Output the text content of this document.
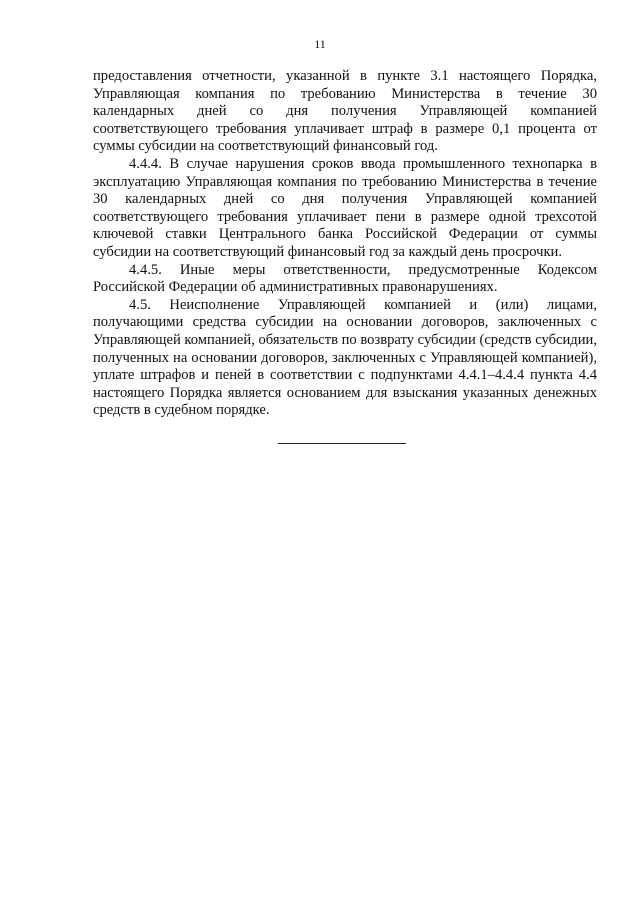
11

предоставления отчетности, указанной в пункте 3.1 настоящего Порядка, Управляющая компания по требованию Министерства в течение 30 календарных дней со дня получения Управляющей компанией соответствующего требования уплачивает штраф в размере 0,1 процента от суммы субсидии на соответствующий финансовый год.

4.4.4. В случае нарушения сроков ввода промышленного технопарка в эксплуатацию Управляющая компания по требованию Министерства в течение 30 календарных дней со дня получения Управляющей компанией соответствующего требования уплачивает пени в размере одной трехсотой ключевой ставки Центрального банка Российской Федерации от суммы субсидии на соответствующий финансовый год за каждый день просрочки.

4.4.5. Иные меры ответственности, предусмотренные Кодексом Российской Федерации об административных правонарушениях.

4.5. Неисполнение Управляющей компанией и (или) лицами, получающими средства субсидии на основании договоров, заключенных с Управляющей компанией, обязательств по возврату субсидии (средств субсидии, полученных на основании договоров, заключенных с Управляющей компанией), уплате штрафов и пеней в соответствии с подпунктами 4.4.1–4.4.4 пункта 4.4 настоящего Порядка является основанием для взыскания указанных денежных средств в судебном порядке.
